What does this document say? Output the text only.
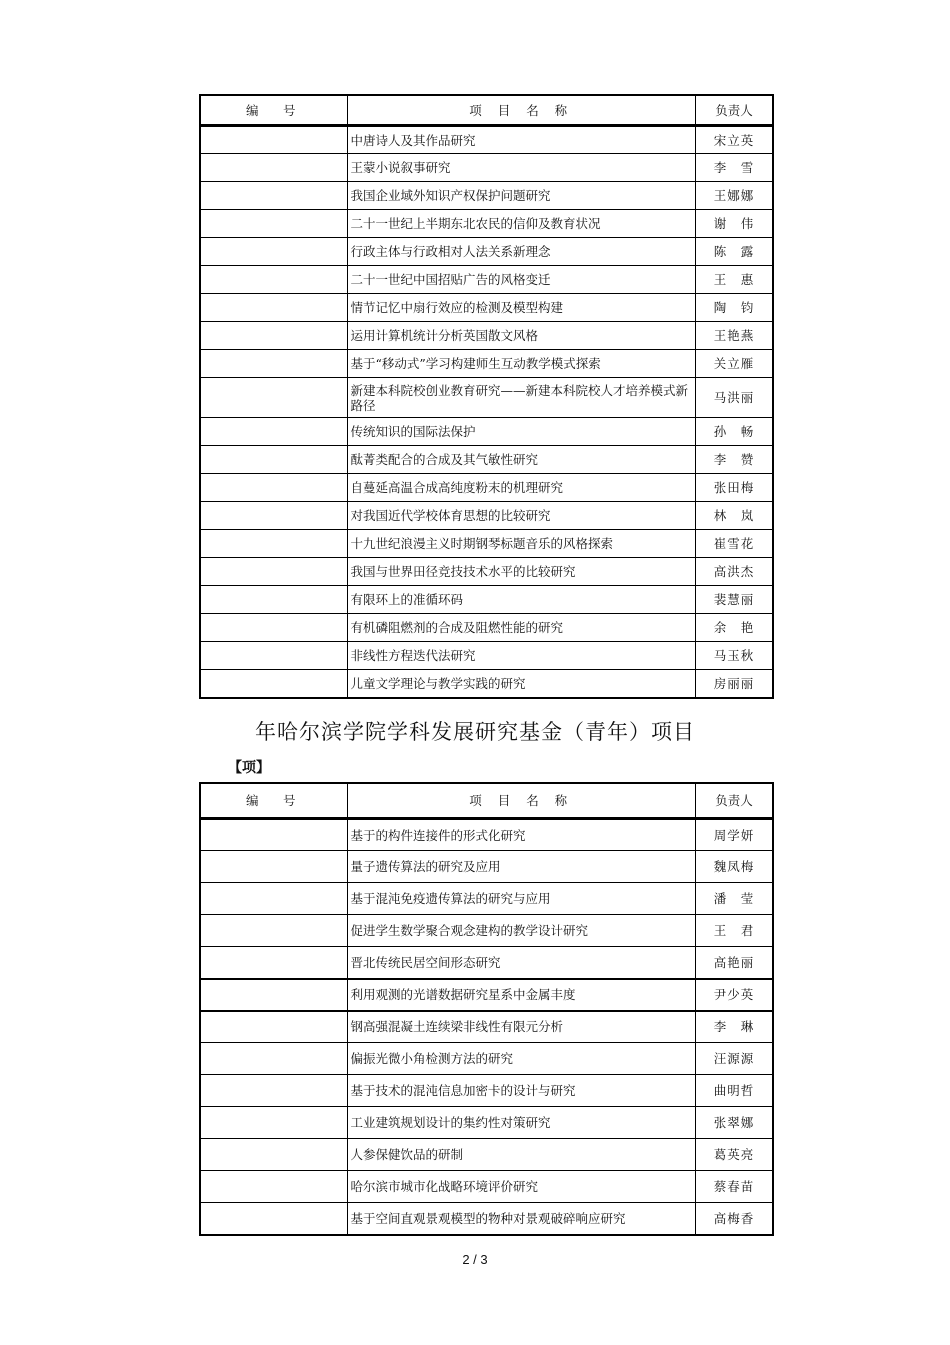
编　号	项 目 名 称	负责人
	中唐诗人及其作品研究	宋立英
	王蒙小说叙事研究	李　雪
	我国企业域外知识产权保护问题研究	王娜娜
	二十一世纪上半期东北农民的信仰及教育状况	谢　伟
	行政主体与行政相对人法关系新理念	陈　露
	二十一世纪中国招贴广告的风格变迁	王　惠
	情节记忆中扇行效应的检测及模型构建	陶　钧
	运用计算机统计分析英国散文风格	王艳燕
	基于“移动式”学习构建师生互动教学模式探索	关立雁
	新建本科院校创业教育研究——新建本科院校人才培养模式新路径	马洪丽
	传统知识的国际法保护	孙　畅
	酞菁类配合的合成及其气敏性研究	李　赞
	自蔓延高温合成高纯度粉末的机理研究	张田梅
	对我国近代学校体育思想的比较研究	林　岚
	十九世纪浪漫主义时期钢琴标题音乐的风格探索	崔雪花
	我国与世界田径竞技技术水平的比较研究	高洪杰
	有限环上的准循环码	裴慧丽
	有机磷阻燃剂的合成及阻燃性能的研究	余　艳
	非线性方程迭代法研究	马玉秋
	儿童文学理论与教学实践的研究	房丽丽
年哈尔滨学院学科发展研究基金（青年）项目
【项】
编　号	项 目 名 称	负责人
	基于的构件连接件的形式化研究	周学妍
	量子遗传算法的研究及应用	魏凤梅
	基于混沌免疫遗传算法的研究与应用	潘　莹
	促进学生数学聚合观念建构的教学设计研究	王　君
	晋北传统民居空间形态研究	高艳丽
	利用观测的光谱数据研究星系中金属丰度	尹少英
	钢高强混凝土连续梁非线性有限元分析	李　琳
	偏振光微小角检测方法的研究	汪源源
	基于技术的混沌信息加密卡的设计与研究	曲明哲
	工业建筑规划设计的集约性对策研究	张翠娜
	人参保健饮品的研制	葛英亮
	哈尔滨市城市化战略环境评价研究	蔡春苗
	基于空间直观景观模型的物种对景观破碎响应研究	高梅香
2 / 3
